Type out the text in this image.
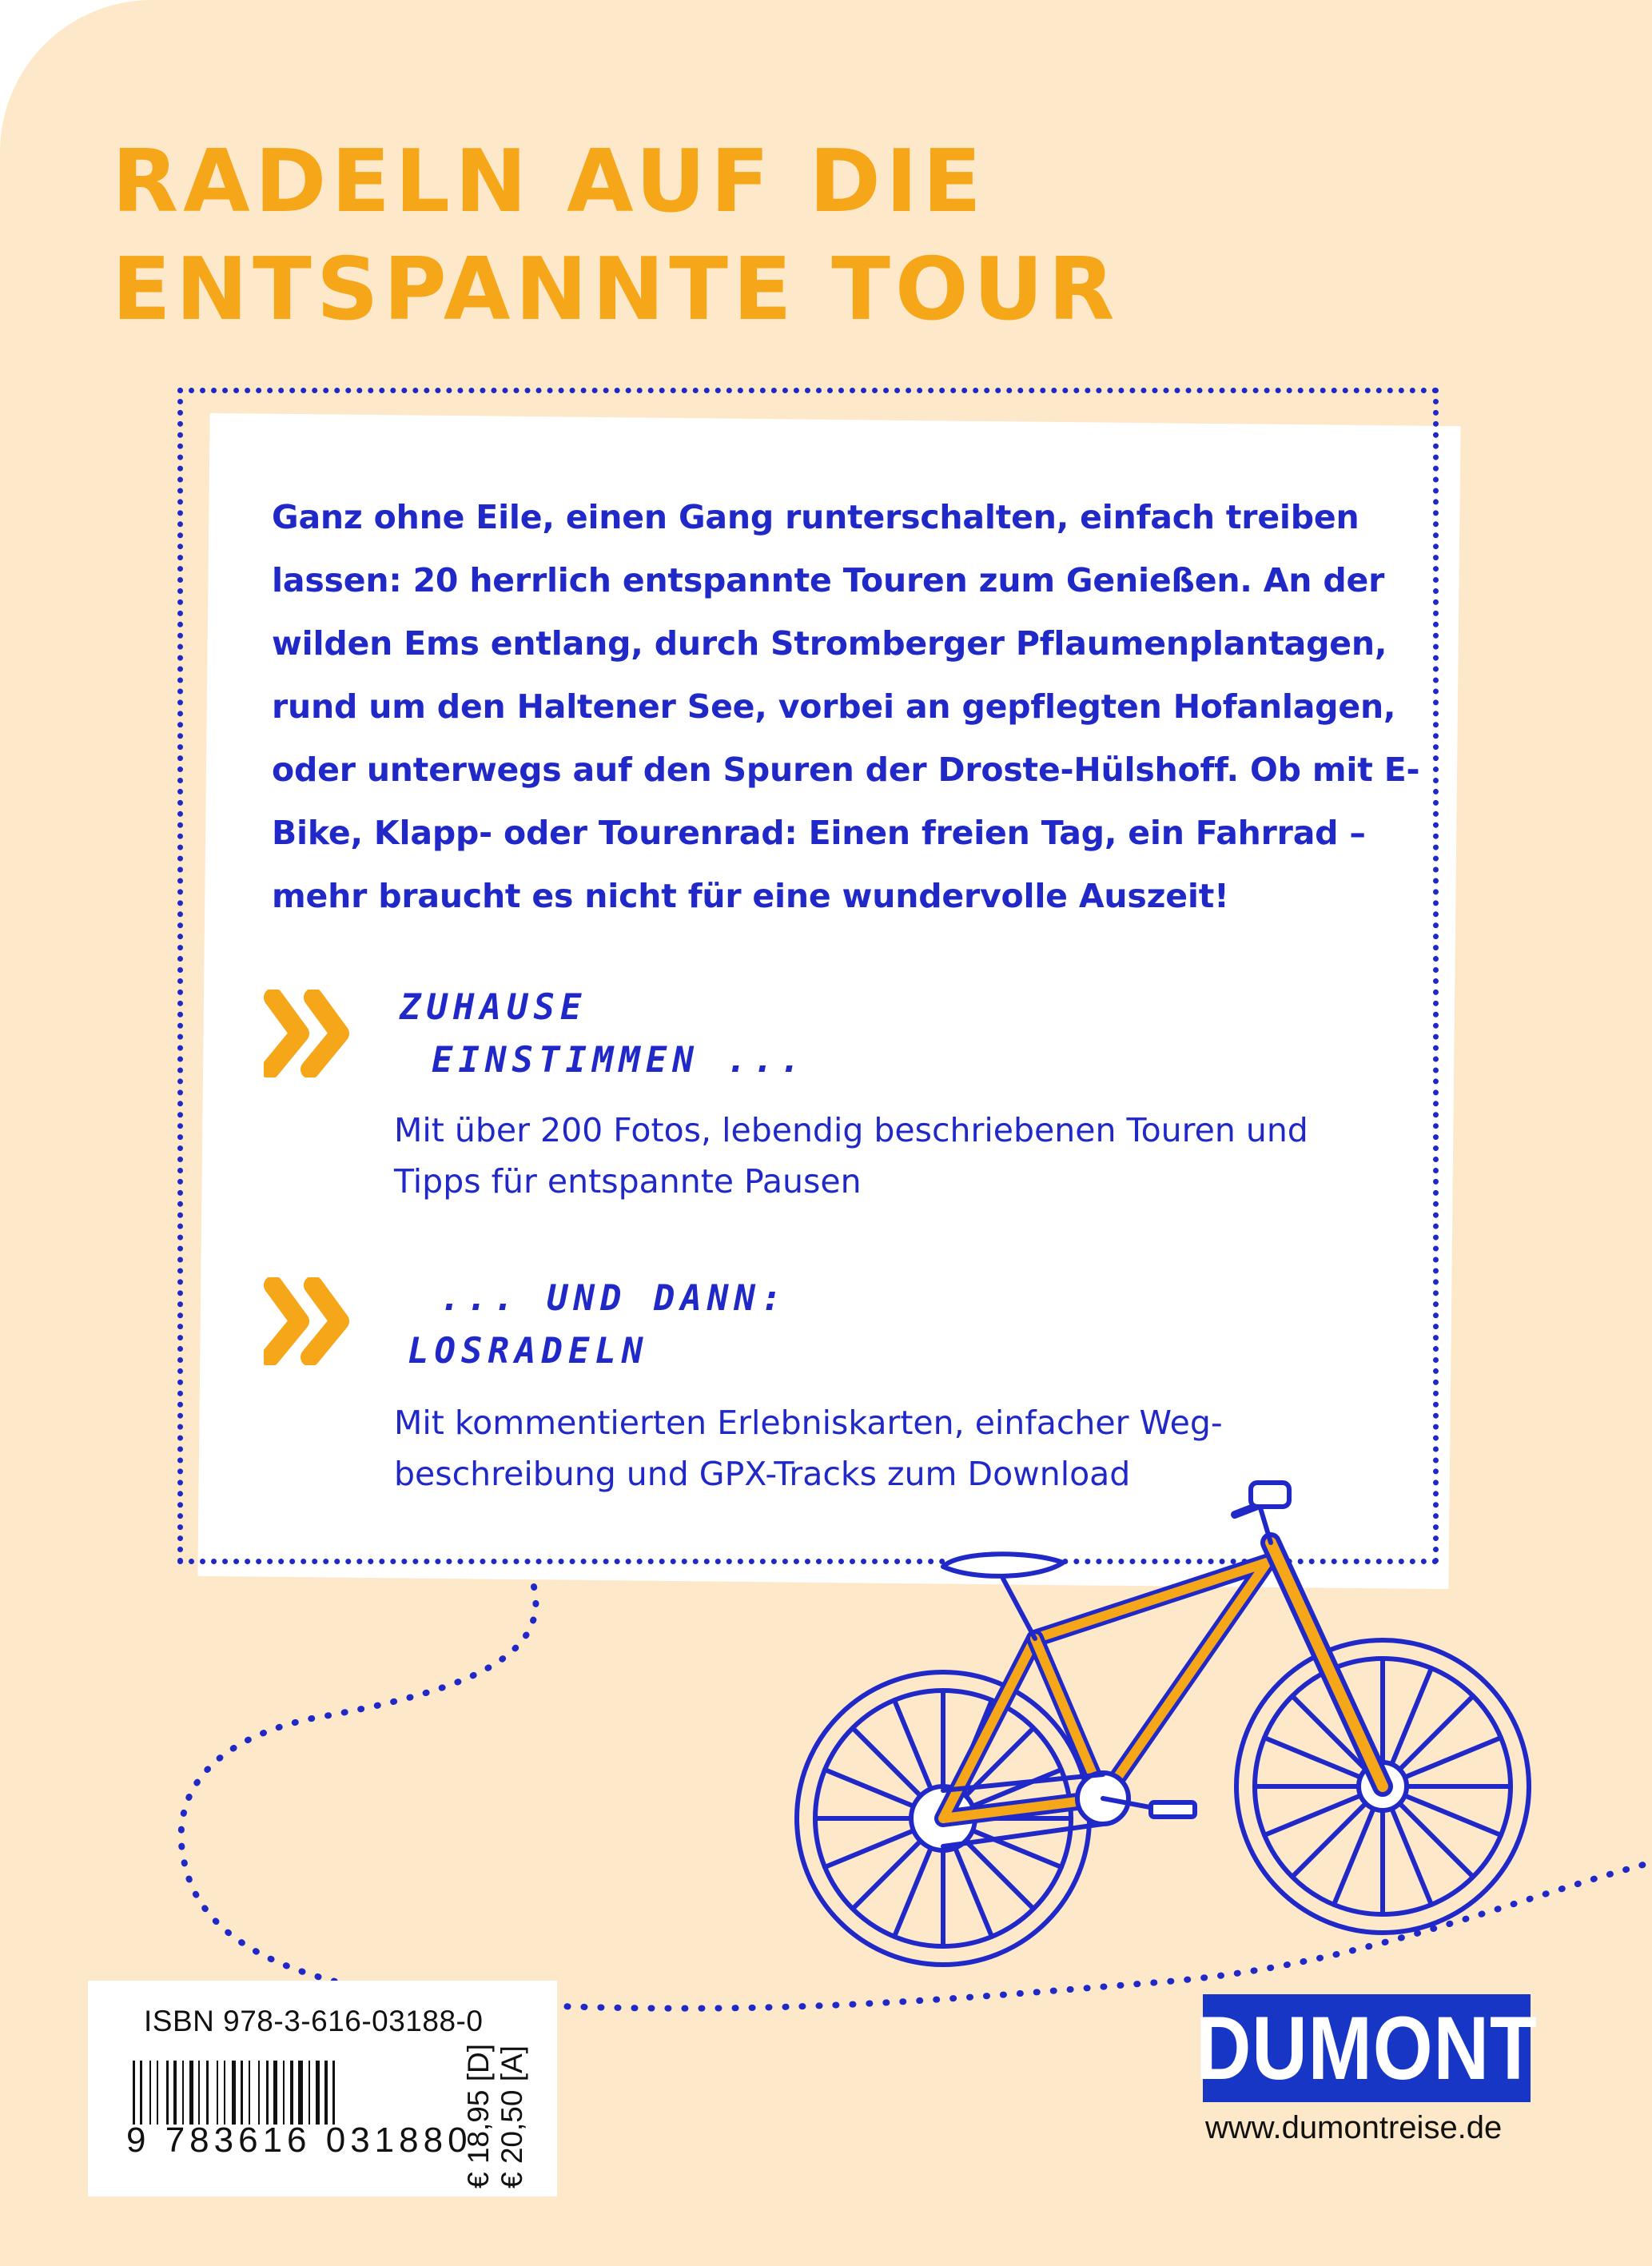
RADELN AUF DIE
ENTSPANNTE TOUR

Ganz ohne Eile, einen Gang runterschalten, einfach treiben lassen: 20 herrlich entspannte Touren zum Genießen. An der wilden Ems entlang, durch Stromberger Pflaumenplantagen, rund um den Haltener See, vorbei an gepflegten Hofanlagen, oder unterwegs auf den Spuren der Droste-Hülshoff. Ob mit E-Bike, Klapp- oder Tourenrad: Einen freien Tag, ein Fahrrad – mehr braucht es nicht für eine wundervolle Auszeit!

ZUHAUSE
EINSTIMMEN ...

Mit über 200 Fotos, lebendig beschriebenen Touren und Tipps für entspannte Pausen

... UND DANN:
LOSRADELN

Mit kommentierten Erlebniskarten, einfacher Weg-beschreibung und GPX-Tracks zum Download

ISBN 978-3-616-03188-0
9 783616 031880
€ 18,95 [D] € 20,50 [A]	DUMONT
www.dumontreise.de
